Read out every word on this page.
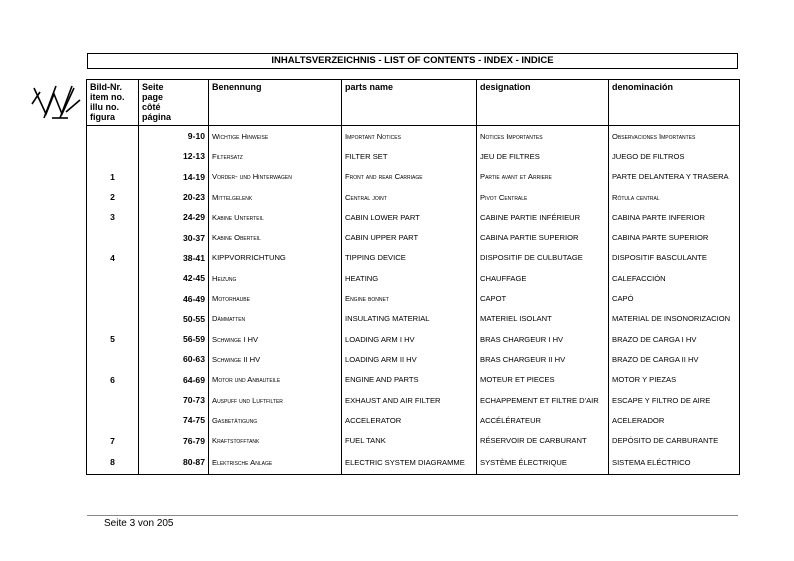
INHALTSVERZEICHNIS - LIST OF CONTENTS - INDEX - INDICE
Bild-Nr.
item no.
illu no.
figura	Seite
page
côté
página	Benennung	parts name	designation	denominación
	9-10	Wichtige Hinweise	Important Notices	Notices Importantes	Observaciones Importantes
	12-13	Filtersatz	FILTER SET	JEU DE FILTRES	JUEGO DE FILTROS
1	14-19	Vorder- und Hinterwagen	Front and rear Carriage	Partie avant et Arriere	PARTE DELANTERA Y TRASERA
2	20-23	Mittelgelenk	Central joint	Pivot Centrale	Rótula central
3	24-29	Kabine Unterteil	CABIN LOWER PART	CABINE PARTIE INFÉRIEUR	CABINA PARTE INFERIOR
	30-37	Kabine Oberteil	CABIN UPPER PART	CABINA PARTIE SUPERIOR	CABINA PARTE SUPERIOR
4	38-41	KIPPVORRICHTUNG	TIPPING DEVICE	DISPOSITIF DE CULBUTAGE	DISPOSITIF BASCULANTE
	42-45	Heizung	HEATING	CHAUFFAGE	CALEFACCIÓN
	46-49	Motorhaube	Engine bonnet	CAPOT	CAPÓ
	50-55	Dämmatten	INSULATING MATERIAL	MATERIEL ISOLANT	MATERIAL DE INSONORIZACION
5	56-59	Schwinge I HV	LOADING ARM I HV	BRAS CHARGEUR I HV	BRAZO DE CARGA I HV
	60-63	Schwinge II HV	LOADING ARM II HV	BRAS CHARGEUR II HV	BRAZO DE CARGA II HV
6	64-69	Motor und Anbauteile	ENGINE AND PARTS	MOTEUR ET PIECES	MOTOR Y PIEZAS
	70-73	Auspuff und Luftfilter	EXHAUST AND AIR FILTER	ECHAPPEMENT ET FILTRE D'AIR	ESCAPE Y FILTRO DE AIRE
	74-75	Gasbetätigung	ACCELERATOR	ACCÉLÉRATEUR	ACELERADOR
7	76-79	Kraftstofftank	FUEL TANK	RÉSERVOIR DE CARBURANT	DEPÓSITO DE CARBURANTE
8	80-87	Elektrische Anlage	ELECTRIC SYSTEM DIAGRAMME	SYSTÈME ÉLECTRIQUE	SISTEMA ELÉCTRICO
Seite 3 von 205
